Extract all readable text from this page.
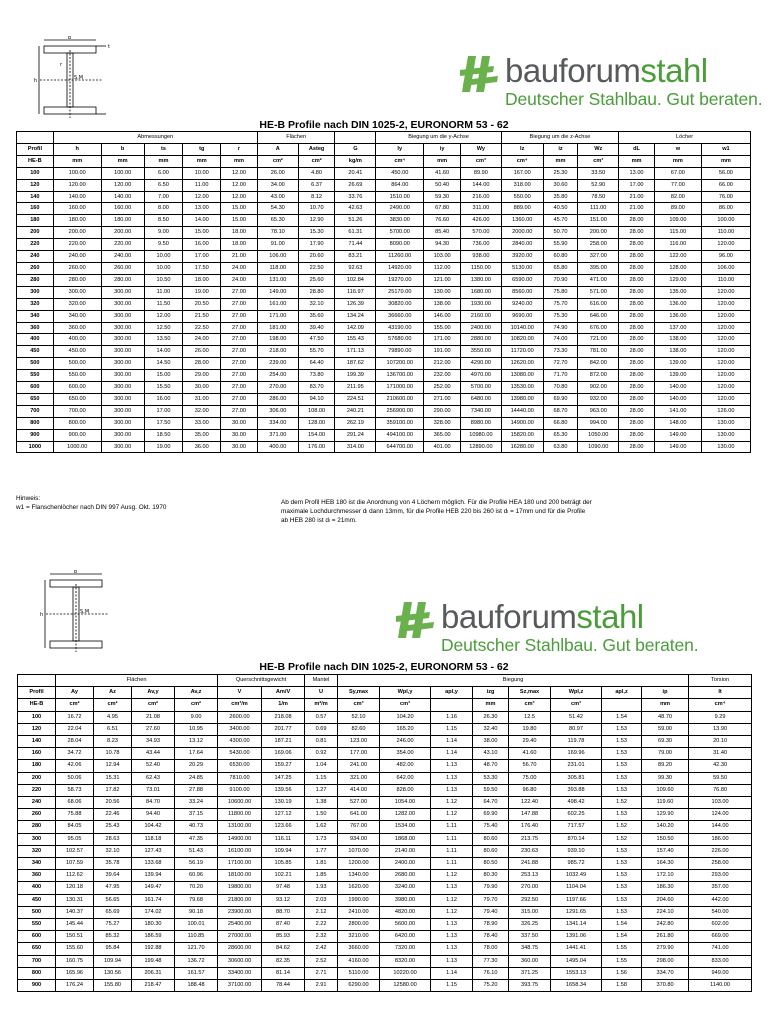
b
h	S,M
t
r	bauforumstahl
Deutscher Stahlbau. Gut beraten.
HE-B Profile nach DIN 1025-2, EURONORM 53 - 62
	Abmessungen					Flächen			Biegung um die y-Achse			Biegung um die z-Achse			Löcher		
Profil	h	b	ts	tg	r	A	Asteg	G	Iy	iy	Wy	Iz	iz	Wz	dL	w	w1
HE-B	mm	mm	mm	mm	mm	cm²	cm²	kg/m	cm⁴	mm	cm³	cm⁴	mm	cm³	mm	mm	mm
100	100.00	100.00	6.00	10.00	12.00	26.00	4.80	20.41	450.00	41.60	89.90	167.00	25.30	33.50	13.00	67.00	56.00
120	120.00	120.00	6.50	11.00	12.00	34.00	6.37	26.69	864.00	50.40	144.00	318.00	30.60	52.90	17.00	77.00	66.00
140	140.00	140.00	7.00	12.00	12.00	43.00	8.12	33.76	1510.00	59.30	216.00	550.00	35.80	78.50	21.00	82.00	76.00
160	160.00	160.00	8.00	13.00	15.00	54.30	10.70	42.63	2490.00	67.80	311.00	889.00	40.50	111.00	21.00	89.00	86.00
180	180.00	180.00	8.50	14.00	15.00	65.30	12.90	51.26	3830.00	76.60	426.00	1360.00	45.70	151.00	28.00	109.00	100.00
200	200.00	200.00	9.00	15.00	18.00	78.10	15.30	61.31	5700.00	85.40	570.00	2000.00	50.70	200.00	28.00	115.00	110.00
220	220.00	220.00	9.50	16.00	18.00	91.00	17.90	71.44	8090.00	94.30	736.00	2840.00	55.90	258.00	28.00	116.00	120.00
240	240.00	240.00	10.00	17.00	21.00	106.00	20.60	83.21	11260.00	103.00	938.00	3920.00	60.80	327.00	28.00	122.00	96.00
260	260.00	260.00	10.00	17.50	24.00	118.00	22.50	92.63	14920.00	112.00	1150.00	5130.00	65.80	395.00	28.00	128.00	106.00
280	280.00	280.00	10.50	18.00	24.00	131.00	25.60	102.84	19270.00	121.00	1380.00	6590.00	70.90	471.00	28.00	129.00	110.00
300	300.00	300.00	11.00	19.00	27.00	149.00	28.80	116.97	25170.00	130.00	1680.00	8560.00	75.80	571.00	28.00	135.00	120.00
320	320.00	300.00	11.50	20.50	27.00	161.00	32.10	126.39	30820.00	138.00	1930.00	9240.00	75.70	616.00	28.00	136.00	120.00
340	340.00	300.00	12.00	21.50	27.00	171.00	35.60	134.24	36660.00	146.00	2160.00	9690.00	75.30	646.00	28.00	136.00	120.00
360	360.00	300.00	12.50	22.50	27.00	181.00	39.40	142.09	43190.00	155.00	2400.00	10140.00	74.90	676.00	28.00	137.00	120.00
400	400.00	300.00	13.50	24.00	27.00	198.00	47.50	155.43	57680.00	171.00	2880.00	10820.00	74.00	721.00	28.00	138.00	120.00
450	450.00	300.00	14.00	26.00	27.00	218.00	55.70	171.13	79890.00	191.00	3550.00	11720.00	73.30	781.00	28.00	138.00	120.00
500	500.00	300.00	14.50	28.00	27.00	239.00	64.40	187.62	107200.00	212.00	4290.00	12620.00	72.70	842.00	28.00	139.00	120.00
550	550.00	300.00	15.00	29.00	27.00	254.00	73.80	199.39	136700.00	232.00	4970.00	13080.00	71.70	872.00	28.00	139.00	120.00
600	600.00	300.00	15.50	30.00	27.00	270.00	83.70	211.95	171000.00	252.00	5700.00	13530.00	70.80	902.00	28.00	140.00	120.00
650	650.00	300.00	16.00	31.00	27.00	286.00	94.10	224.51	210600.00	271.00	6480.00	13980.00	69.90	932.00	28.00	140.00	120.00
700	700.00	300.00	17.00	32.00	27.00	306.00	108.00	240.21	256900.00	290.00	7340.00	14440.00	68.70	963.00	28.00	141.00	126.00
800	800.00	300.00	17.50	33.00	30.00	334.00	128.00	262.19	359100.00	328.00	8980.00	14900.00	66.80	994.00	28.00	148.00	130.00
900	900.00	300.00	18.50	35.00	30.00	371.00	154.00	291.24	494100.00	365.00	10980.00	15820.00	65.30	1050.00	28.00	149.00	130.00
1000	1000.00	300.00	19.00	36.00	30.00	400.00	176.00	314.00	644700.00	401.00	12890.00	16280.00	63.80	1090.00	28.00	149.00	130.00
Hinweis:
w1 = Flanschenlöcher nach DIN 997 Ausg. Okt. 1970
Ab dem Profil HEB 180 ist die Anordnung von 4 Löchern möglich. Für die Profile HEA 180 und 200 beträgt der
maximale Lochdurchmesser dₗ dann 13mm, für die Profile HEB 220 bis 260 ist dₗ = 17mm und für die Profile
ab HEB 280 ist dₗ = 21mm.
b
h	S,M	bauforumstahl
Deutscher Stahlbau. Gut beraten.
HE-B Profile nach DIN 1025-2, EURONORM 53 - 62
	Flächen				Querschnittsgewicht		Mantel	Biegung								Torsion
Profil	Ay	Az	Av,y	Av,z	V	Am/V	U	Sy,max	Wpl,y	apl,y	izg	Sz,max	Wpl,z	apl,z	ip	It
HE-B	cm²	cm²	cm²	cm²	cm³/m	1/m	m²/m	cm³	cm³		mm	cm³	cm³		mm	cm⁴
100	16.72	4.95	21.08	9.00	2600.00	218.08	0.57	52.10	104.20	1.16	26.30	12.5	51.42	1.54	48.70	9.29
120	22.04	6.51	27.60	10.95	3400.00	201.77	0.69	82.60	165.20	1.15	32.40	19.80	80.97	1.53	59.00	13.90
140	28.04	8.23	34.93	13.12	4300.00	187.21	0.81	123.00	246.00	1.14	38.00	29.40	119.78	1.53	69.30	20.10
160	34.72	10.78	43.44	17.64	5430.00	169.06	0.92	177.00	354.00	1.14	43.10	41.60	169.96	1.53	79.00	31.40
180	42.06	12.94	52.40	20.29	6530.00	159.27	1.04	241.00	482.00	1.13	48.70	56.70	231.01	1.53	89.20	42.30
200	50.06	15.31	62.43	24.85	7810.00	147.25	1.15	321.00	642.00	1.13	53.30	75.00	305.81	1.53	99.30	59.50
220	58.73	17.82	73.01	27.88	9100.00	139.56	1.27	414.00	828.00	1.13	59.50	96.80	393.88	1.53	109.60	76.80
240	68.06	20.56	84.70	33.24	10600.00	130.19	1.38	527.00	1054.00	1.12	64.70	122.40	498.42	1.52	119.60	103.00
260	75.88	22.46	94.40	37.15	11800.00	127.12	1.50	641.00	1282.00	1.12	69.90	147.88	602.25	1.53	129.90	124.00
280	84.05	25.43	104.42	40.73	13100.00	123.66	1.62	767.00	1534.00	1.11	75.40	176.40	717.57	1.52	140.20	144.00
300	95.05	28.63	118.18	47.35	14900.00	116.11	1.73	934.00	1868.00	1.11	80.60	213.75	870.14	1.52	150.50	186.00
320	102.57	32.10	127.43	51.43	16100.00	109.94	1.77	1070.00	2140.00	1.11	80.60	230.63	939.10	1.53	157.40	226.00
340	107.59	35.78	133.68	56.19	17100.00	105.85	1.81	1200.00	2400.00	1.11	80.50	241.88	985.72	1.53	164.30	258.00
360	112.62	39.64	139.94	60.96	18100.00	102.21	1.85	1340.00	2680.00	1.12	80.30	253.13	1032.49	1.53	172.10	293.00
400	120.18	47.95	149.47	70.20	19800.00	97.48	1.93	1620.00	3240.00	1.13	79.90	270.00	1104.04	1.53	186.30	357.00
450	130.31	56.65	161.74	79.68	21800.00	93.12	2.03	1990.00	3980.00	1.12	79.70	292.50	1197.66	1.53	204.60	442.00
500	140.37	65.69	174.02	90.18	23900.00	88.70	2.12	2410.00	4820.00	1.12	79.40	315.00	1291.65	1.53	224.10	540.00
550	145.44	75.27	180.30	100.01	25400.00	87.40	2.22	2800.00	5600.00	1.13	78.90	326.25	1341.14	1.54	242.80	602.00
600	150.51	85.32	186.59	110.85	27000.00	85.93	2.32	3210.00	6420.00	1.13	78.40	337.50	1391.06	1.54	261.80	669.00
650	155.60	95.84	192.88	121.70	28600.00	84.62	2.42	3660.00	7320.00	1.13	78.00	348.75	1441.41	1.55	279.90	741.00
700	160.75	109.94	199.48	136.72	30600.00	82.35	2.52	4160.00	8320.00	1.13	77.30	360.00	1495.04	1.55	298.00	833.00
800	165.96	130.56	206.31	161.57	33400.00	81.14	2.71	5110.00	10220.00	1.14	76.10	371.25	1553.13	1.56	334.70	949.00
900	176.24	155.80	218.47	188.48	37100.00	78.44	2.91	6290.00	12580.00	1.15	75.20	393.75	1658.34	1.58	370.80	1140.00
